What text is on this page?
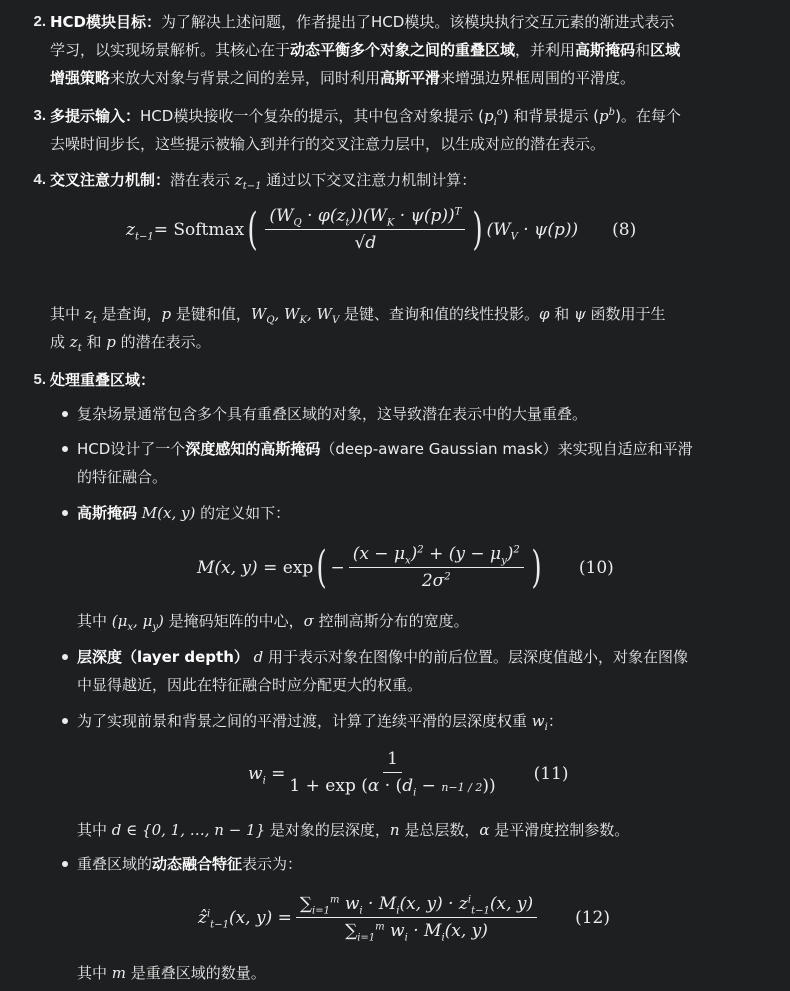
2. HCD模块目标：为了解决上述问题，作者提出了HCD模块。该模块执行交互元素的渐进式表示
学习，以实现场景解析。其核心在于动态平衡多个对象之间的重叠区域，并利用高斯掩码和区域
增强策略来放大对象与背景之间的差异，同时利用高斯平滑来增强边界框周围的平滑度。
3. 多提示输入：HCD模块接收一个复杂的提示，其中包含对象提示 $(p_i^o)$ 和背景提示 $(p^b)$。在每个
去噪时间步长，这些提示被输入到并行的交叉注意力层中，以生成对应的潜在表示。
4. 交叉注意力机制：潜在表示 $z_{t-1}$ 通过以下交叉注意力机制计算：
$z_{t-1}$ = Softmax ( $\frac{(W_Q \cdot \varphi(z_t))(W_K \cdot \psi(p))^T}{√d}$ ) $(W_V \cdot \psi(p))$ (8)
其中 $z_t$ 是查询，p 是键和值，$W_Q$, $W_K$, $W_V$ 是键、查询和值的线性投影。φ 和 ψ 函数用于生
成 $z_t$ 和 p 的潜在表示。
5. 处理重叠区域：
复杂场景通常包含多个具有重叠区域的对象，这导致潜在表示中的大量重叠。
HCD设计了一个深度感知的高斯掩码（deep-aware Gaussian mask）来实现自适应和平滑
的特征融合。
高斯掩码 M(x, y) 的定义如下：
M(x, y) = exp ( − $\frac{(x - \mu_x)^2 + (y - \mu_y)^2}{2\sigma^2}$ ) (10)
其中 ($\mu_x$, $\mu_y$) 是掩码矩阵的中心，σ 控制高斯分布的宽度。
层深度（layer depth） d 用于表示对象在图像中的前后位置。层深度值越小，对象在图像
中显得越近，因此在特征融合时应分配更大的权重。
为了实现前景和背景之间的平滑过渡，计算了连续平滑的层深度权重 $w_i$：
$w_i = \frac{1}{1 + \exp (\alpha \cdot (d_i - n-1 / 2))} (11)$
其中 d ∈ {0, 1, …, n − 1} 是对象的层深度，n 是总层数，α 是平滑度控制参数。
重叠区域的动态融合特征表示为：
ẑ$^i_{t-1}$(x, $y) = \frac{\sum_{i=1}^m w_i \cdot M_i(x, y) \cdot z^i_{t-1}(x, y)}{\sum_{i=1}^m w_i \cdot M_i(x, y)} (12)$
其中 m 是重叠区域的数量。
